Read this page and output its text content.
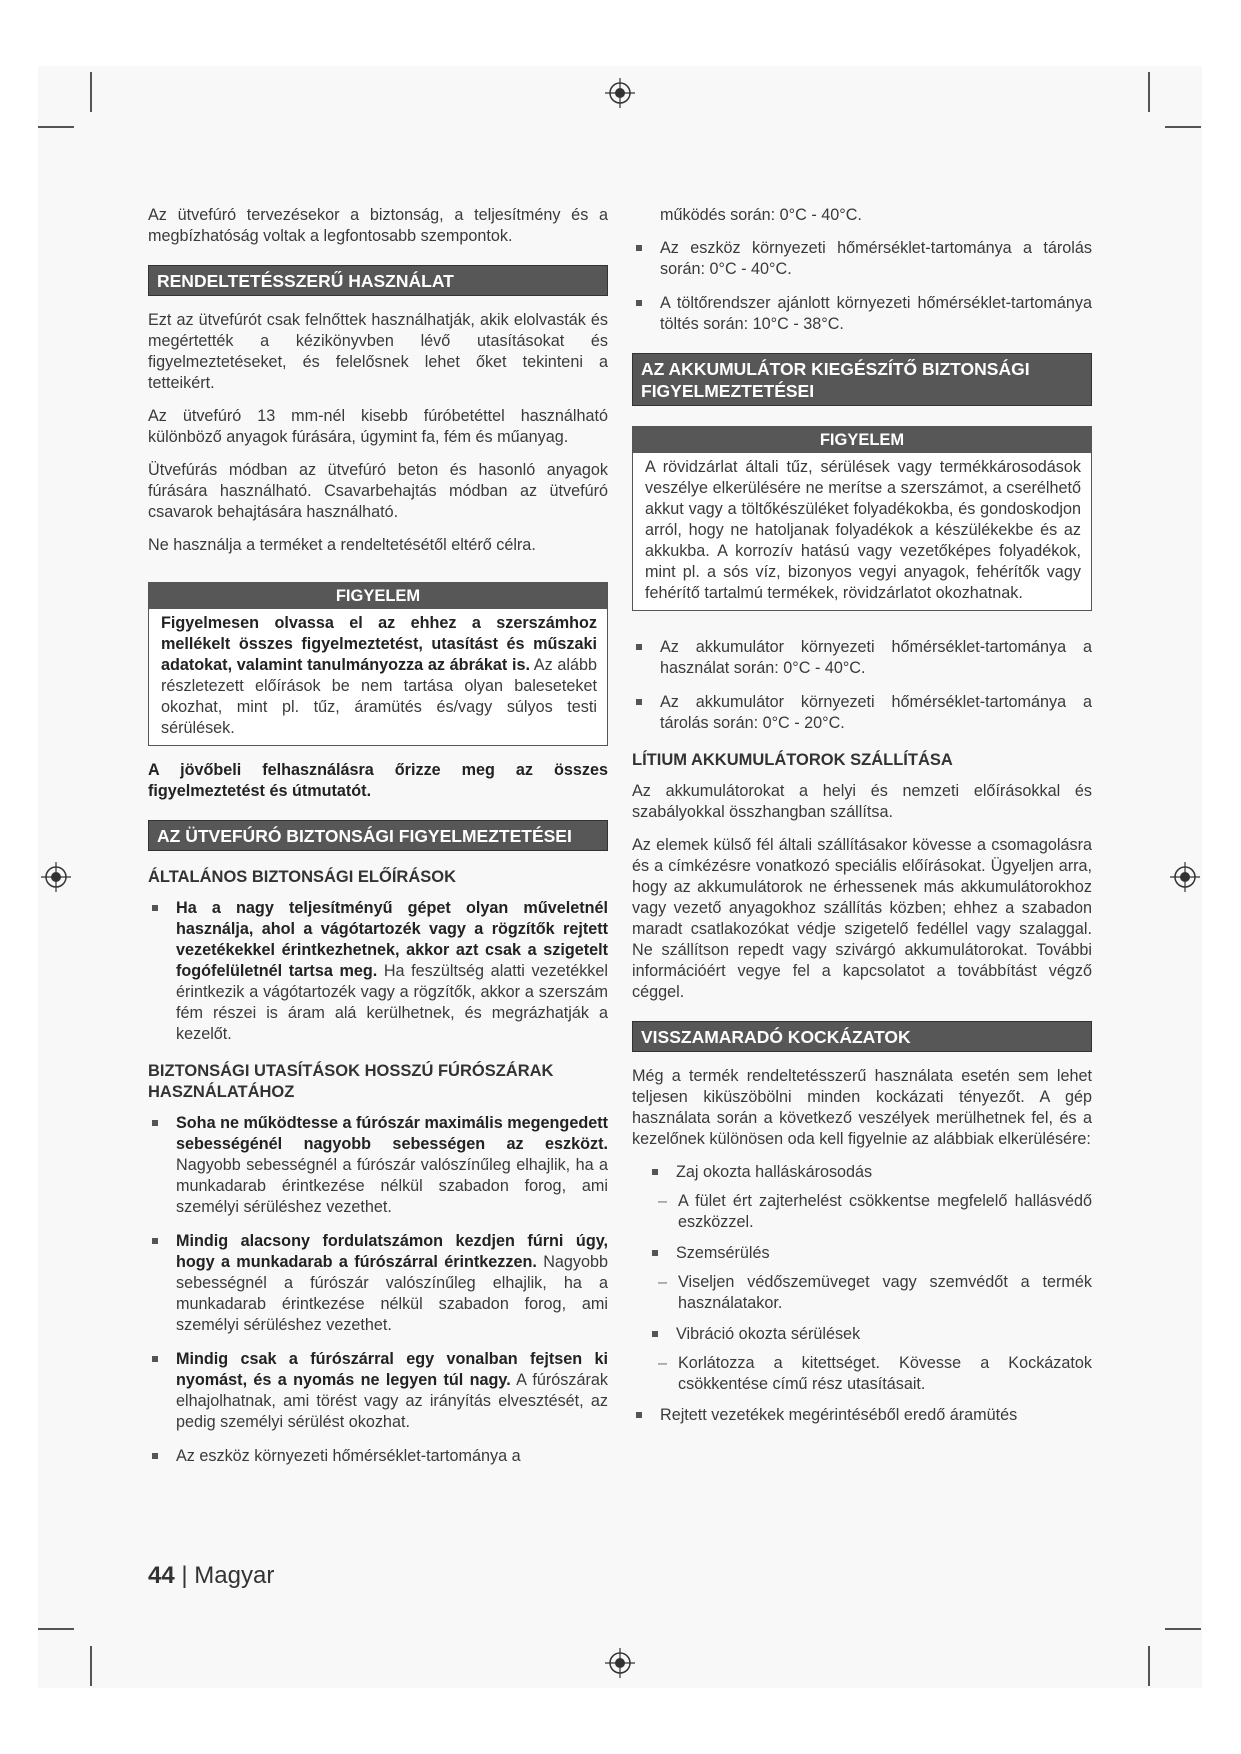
Az ütvefúró tervezésekor a biztonság, a teljesítmény és a megbízhatóság voltak a legfontosabb szempontok.

RENDELTETÉSSZERŰ HASZNÁLAT

Ezt az ütvefúrót csak felnőttek használhatják, akik elolvasták és megértették a kézikönyvben lévő utasításokat és figyelmeztetéseket, és felelősnek lehet őket tekinteni a tetteikért.

Az ütvefúró 13 mm-nél kisebb fúróbetéttel használható különböző anyagok fúrására, úgymint fa, fém és műanyag.

Ütvefúrás módban az ütvefúró beton és hasonló anyagok fúrására használható. Csavarbehajtás módban az ütvefúró csavarok behajtására használható.

Ne használja a terméket a rendeltetésétől eltérő célra.

FIGYELEM
Figyelmesen olvassa el az ehhez a szerszámhoz mellékelt összes figyelmeztetést, utasítást és műszaki adatokat, valamint tanulmányozza az ábrákat is. Az alább részletezett előírások be nem tartása olyan baleseteket okozhat, mint pl. tűz, áramütés és/vagy súlyos testi sérülések.

A jövőbeli felhasználásra őrizze meg az összes figyelmeztetést és útmutatót.

AZ ÜTVEFÚRÓ BIZTONSÁGI FIGYELMEZTETÉSEI
ÁLTALÁNOS BIZTONSÁGI ELŐÍRÁSOK
Ha a nagy teljesítményű gépet olyan műveletnél használja, ahol a vágótartozék vagy a rögzítők rejtett vezetékekkel érintkezhetnek, akkor azt csak a szigetelt fogófelületnél tartsa meg. Ha feszültség alatti vezetékkel érintkezik a vágótartozék vagy a rögzítők, akkor a szerszám fém részei is áram alá kerülhetnek, és megrázhatják a kezelőt.
BIZTONSÁGI UTASÍTÁSOK HOSSZÚ FÚRÓSZÁRAK HASZNÁLATÁHOZ
Soha ne működtesse a fúrószár maximális megengedett sebességénél nagyobb sebességen az eszközt. Nagyobb sebességnél a fúrószár valószínűleg elhajlik, ha a munkadarab érintkezése nélkül szabadon forog, ami személyi sérüléshez vezethet.
Mindig alacsony fordulatszámon kezdjen fúrni úgy, hogy a munkadarab a fúrószárral érintkezzen. Nagyobb sebességnél a fúrószár valószínűleg elhajlik, ha a munkadarab érintkezése nélkül szabadon forog, ami személyi sérüléshez vezethet.
Mindig csak a fúrószárral egy vonalban fejtsen ki nyomást, és a nyomás ne legyen túl nagy. A fúrószárak elhajolhatnak, ami törést vagy az irányítás elvesztését, az pedig személyi sérülést okozhat.
Az eszköz környezeti hőmérséklet-tartománya a

működés során: 0°C - 40°C.

Az eszköz környezeti hőmérséklet-tartománya a tárolás során: 0°C - 40°C.
A töltőrendszer ajánlott környezeti hőmérséklet-tartománya töltés során: 10°C - 38°C.
AZ AKKUMULÁTOR KIEGÉSZÍTŐ BIZTONSÁGI FIGYELMEZTETÉSEI
FIGYELEM
A rövidzárlat általi tűz, sérülések vagy termékkárosodások veszélye elkerülésére ne merítse a szerszámot, a cserélhető akkut vagy a töltőkészüléket folyadékokba, és gondoskodjon arról, hogy ne hatoljanak folyadékok a készülékekbe és az akkukba. A korrozív hatású vagy vezetőképes folyadékok, mint pl. a sós víz, bizonyos vegyi anyagok, fehérítők vagy fehérítő tartalmú termékek, rövidzárlatot okozhatnak.
Az akkumulátor környezeti hőmérséklet-tartománya a használat során: 0°C - 40°C.
Az akkumulátor környezeti hőmérséklet-tartománya a tárolás során: 0°C - 20°C.
LÍTIUM AKKUMULÁTOROK SZÁLLÍTÁSA

Az akkumulátorokat a helyi és nemzeti előírásokkal és szabályokkal összhangban szállítsa.

Az elemek külső fél általi szállításakor kövesse a csomagolásra és a címkézésre vonatkozó speciális előírásokat. Ügyeljen arra, hogy az akkumulátorok ne érhessenek más akkumulátorokhoz vagy vezető anyagokhoz szállítás közben; ehhez a szabadon maradt csatlakozókat védje szigetelő fedéllel vagy szalaggal. Ne szállítson repedt vagy szivárgó akkumulátorokat. További információért vegye fel a kapcsolatot a továbbítást végző céggel.

VISSZAMARADÓ KOCKÁZATOK

Még a termék rendeltetésszerű használata esetén sem lehet teljesen kiküszöbölni minden kockázati tényezőt. A gép használata során a következő veszélyek merülhetnek fel, és a kezelőnek különösen oda kell figyelnie az alábbiak elkerülésére:

Zaj okozta halláskárosodás
– A fület ért zajterhelést csökkentse megfelelő hallásvédő eszközzel.
Szemsérülés
– Viseljen védőszemüveget vagy szemvédőt a termék használatakor.
Vibráció okozta sérülések
– Korlátozza a kitettséget. Kövesse a Kockázatok csökkentése című rész utasításait.
Rejtett vezetékek megérintéséből eredő áramütés
44 | Magyar
